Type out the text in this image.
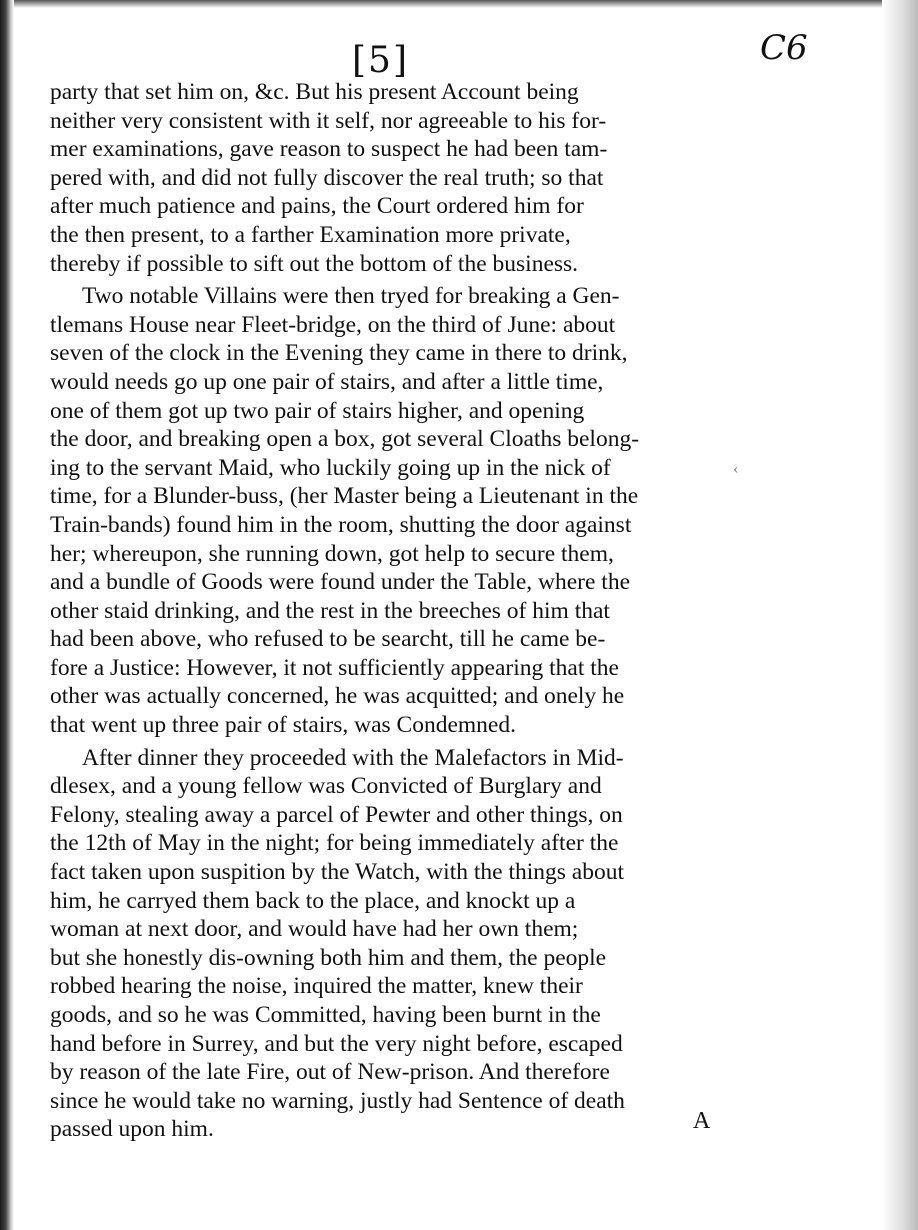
[5]	C6
‹
party that set him on, &c. But his present Account being
neither very consistent with it self, nor agreeable to his for-
mer examinations, gave reason to suspect he had been tam-
pered with, and did not fully discover the real truth; so that
after much patience and pains, the Court ordered him for
the then present, to a farther Examination more private,
thereby if possible to sift out the bottom of the business.
Two notable Villains were then tryed for breaking a Gen-
tlemans House near Fleet-bridge, on the third of June: about
seven of the clock in the Evening they came in there to drink,
would needs go up one pair of stairs, and after a little time,
one of them got up two pair of stairs higher, and opening
the door, and breaking open a box, got several Cloaths belong-
ing to the servant Maid, who luckily going up in the nick of
time, for a Blunder-buss, (her Master being a Lieutenant in the
Train-bands) found him in the room, shutting the door against
her; whereupon, she running down, got help to secure them,
and a bundle of Goods were found under the Table, where the
other staid drinking, and the rest in the breeches of him that
had been above, who refused to be searcht, till he came be-
fore a Justice: However, it not sufficiently appearing that the
other was actually concerned, he was acquitted; and onely he
that went up three pair of stairs, was Condemned.
After dinner they proceeded with the Malefactors in Mid-
dlesex, and a young fellow was Convicted of Burglary and
Felony, stealing away a parcel of Pewter and other things, on
the 12th of May in the night; for being immediately after the
fact taken upon suspition by the Watch, with the things about
him, he carryed them back to the place, and knockt up a
woman at next door, and would have had her own them;
but she honestly dis-owning both him and them, the people
robbed hearing the noise, inquired the matter, knew their
goods, and so he was Committed, having been burnt in the
hand before in Surrey, and but the very night before, escaped
by reason of the late Fire, out of New-prison. And therefore
since he would take no warning, justly had Sentence of death
passed upon him.	A
